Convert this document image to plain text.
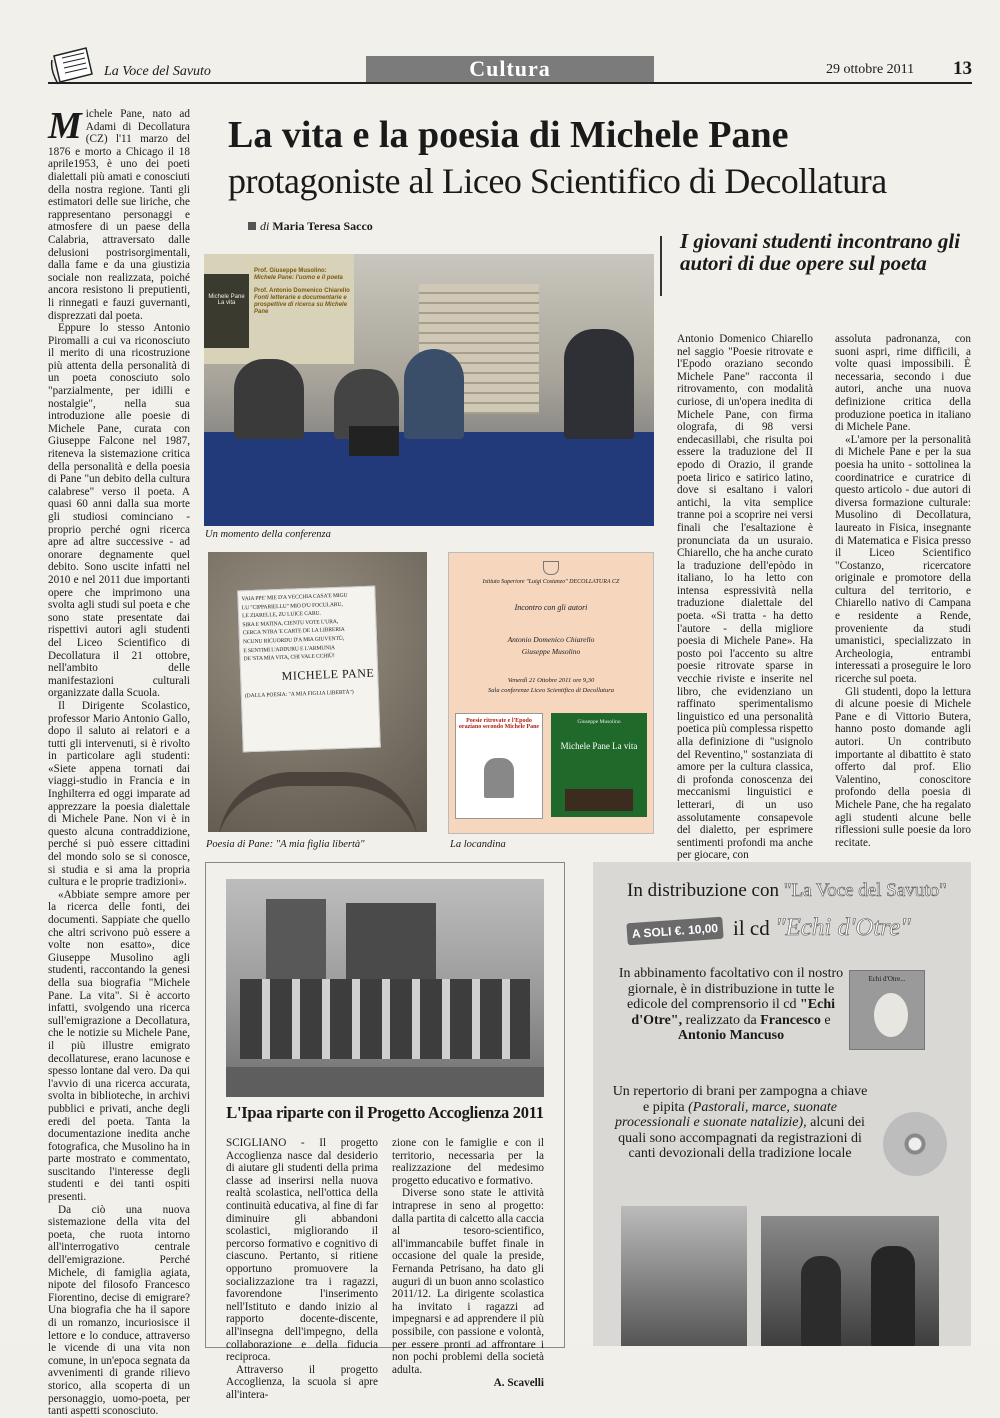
La Voce del Savuto	Cultura	29 ottobre 2011 13

Michele Pane, nato ad Adami di Decollatura (CZ) l'11 marzo del 1876 e morto a Chicago il 18 aprile1953, è uno dei poeti dialettali più amati e conosciuti della nostra regione. Tanti gli estimatori delle sue liriche, che rappresentano personaggi e atmosfere di un paese della Calabria, attraversato dalle delusioni postrisorgimentali, dalla fame e da una giustizia sociale non realizzata, poiché ancora resistono li preputienti, li rinnegati e fauzi guvernanti, disprezzati dal poeta.

Eppure lo stesso Antonio Piromalli a cui va riconosciuto il merito di una ricostruzione più attenta della personalità di un poeta conosciuto solo "parzialmente, per idilli e nostalgie", nella sua introduzione alle poesie di Michele Pane, curata con Giuseppe Falcone nel 1987, riteneva la sistemazione critica della personalità e della poesia di Pane "un debito della cultura calabrese" verso il poeta. A quasi 60 anni dalla sua morte gli studiosi cominciano - proprio perché ogni ricerca apre ad altre successive - ad onorare degnamente quel debito. Sono uscite infatti nel 2010 e nel 2011 due importanti opere che imprimono una svolta agli studi sul poeta e che sono state presentate dai rispettivi autori agli studenti del Liceo Scientifico di Decollatura il 21 ottobre, nell'ambito delle manifestazioni culturali organizzate dalla Scuola.

Il Dirigente Scolastico, professor Mario Antonio Gallo, dopo il saluto ai relatori e a tutti gli intervenuti, si è rivolto in particolare agli studenti: «Siete appena tornati dai viaggi-studio in Francia e in Inghilterra ed oggi imparate ad apprezzare la poesia dialettale di Michele Pane. Non vi è in questo alcuna contraddizione, perché si può essere cittadini del mondo solo se si conosce, si studia e si ama la propria cultura e le proprie tradizioni».

«Abbiate sempre amore per la ricerca delle fonti, dei documenti. Sappiate che quello che altri scrivono può essere a volte non esatto», dice Giuseppe Musolino agli studenti, raccontando la genesi della sua biografia "Michele Pane. La vita". Si è accorto infatti, svolgendo una ricerca sull'emigrazione a Decollatura, che le notizie su Michele Pane, il più illustre emigrato decollaturese, erano lacunose e spesso lontane dal vero. Da qui l'avvio di una ricerca accurata, svolta in biblioteche, in archivi pubblici e privati, anche degli eredi del poeta. Tanta la documentazione inedita anche fotografica, che Musolino ha in parte mostrato e commentato, suscitando l'interesse degli studenti e dei tanti ospiti presenti.

Da ciò una nuova sistemazione della vita del poeta, che ruota intorno all'interrogativo centrale dell'emigrazione. Perché Michele, di famiglia agiata, nipote del filosofo Francesco Fiorentino, decise di emigrare? Una biografia che ha il sapore di un romanzo, incuriosisce il lettore e lo conduce, attraverso le vicende di una vita non comune, in un'epoca segnata da avvenimenti di grande rilievo storico, alla scoperta di un personaggio, uomo-poeta, per tanti aspetti sconosciuto.

La vita e la poesia di Michele Pane
protagoniste al Liceo Scientifico di Decollatura
di Maria Teresa Sacco
I giovani studenti incontrano gli autori di due opere sul poeta
Michele Pane La vita
Prof. Giuseppe Musolino:
Michele Pane: l'uomo e il poeta
Prof. Antonio Domenico Chiarello
Fonti letterarie e documentarie e prospettive di ricerca su Michele Pane
Un momento della conferenza
VAIA PPE' MIE D'A VECCHIA CASA'E MIGU
LU "CIPPARIELLU" MIO D'U FOCULARU,
LE ZIARELLE, ZU LUICE CARU.
SIRA E MATINA, CIENTU VOTE L'URA,
CERCA 'NTRA 'E CARTE DE LA LIBRERIA
NCUNU RICUORDU D'A MIA GIUVENTÙ,
E SENTIMI L'ADDURU E L'ARMUNIA
DE 'STA MIA VITA, CHI VALE CCHIÙ!
MICHELE PANE
(DALLA POESIA: "A MIA FIGLIA LIBERTÀ")
Poesia di Pane: "A mia figlia libertà"
Istituto Superiore "Luigi Costanzo" DECOLLATURA CZ
Incontro con gli autori
Antonio Domenico Chiarello
Giuseppe Musolino
Venerdì 21 Ottobre 2011 ore 9,30
Sala conferenze Liceo Scientifico di Decollatura
Poesie ritrovate e l'Epodo oraziano secondo Michele Pane
Giuseppe Musolino
Michele Pane La vita
La locandina

Antonio Domenico Chiarello nel saggio "Poesie ritrovate e l'Epodo oraziano secondo Michele Pane" racconta il ritrovamento, con modalità curiose, di un'opera inedita di Michele Pane, con firma olografa, di 98 versi endecasillabi, che risulta poi essere la traduzione del II epodo di Orazio, il grande poeta lirico e satirico latino, dove si esaltano i valori antichi, la vita semplice tranne poi a scoprire nei versi finali che l'esaltazione è pronunciata da un usuraio. Chiarello, che ha anche curato la traduzione dell'epòdo in italiano, lo ha letto con intensa espressività nella traduzione dialettale del poeta. «Si tratta - ha detto l'autore - della migliore poesia di Michele Pane». Ha posto poi l'accento su altre poesie ritrovate sparse in vecchie riviste e inserite nel libro, che evidenziano un raffinato sperimentalismo linguistico ed una personalità poetica più complessa rispetto alla definizione di "usignolo del Reventino," sostanziata di amore per la cultura classica, di profonda conoscenza dei meccanismi linguistici e letterari, di un uso assolutamente consapevole del dialetto, per esprimere sentimenti profondi ma anche per giocare, con

assoluta padronanza, con suoni aspri, rime difficili, a volte quasi impossibili. È necessaria, secondo i due autori, anche una nuova definizione critica della produzione poetica in italiano di Michele Pane.

«L'amore per la personalità di Michele Pane e per la sua poesia ha unito - sottolinea la coordinatrice e curatrice di questo articolo - due autori di diversa formazione culturale: Musolino di Decollatura, laureato in Fisica, insegnante di Matematica e Fisica presso il Liceo Scientifico "Costanzo, ricercatore originale e promotore della cultura del territorio, e Chiarello nativo di Campana e residente a Rende, proveniente da studi umanistici, specializzato in Archeologia, entrambi interessati a proseguire le loro ricerche sul poeta.

Gli studenti, dopo la lettura di alcune poesie di Michele Pane e di Vittorio Butera, hanno posto domande agli autori. Un contributo importante al dibattito è stato offerto dal prof. Elio Valentino, conoscitore profondo della poesia di Michele Pane, che ha regalato agli studenti alcune belle riflessioni sulle poesie da loro recitate.

L'Ipaa riparte con il Progetto Accoglienza 2011

SCIGLIANO - Il progetto Accoglienza nasce dal desiderio di aiutare gli studenti della prima classe ad inserirsi nella nuova realtà scolastica, nell'ottica della continuità educativa, al fine di far diminuire gli abbandoni scolastici, migliorando il percorso formativo e cognitivo di ciascuno. Pertanto, si ritiene opportuno promuovere la socializzazione tra i ragazzi, favorendone l'inserimento nell'Istituto e dando inizio al rapporto docente-discente, all'insegna dell'impegno, della collaborazione e della fiducia reciproca.

Attraverso il progetto Accoglienza, la scuola si apre all'intera-

zione con le famiglie e con il territorio, necessaria per la realizzazione del medesimo progetto educativo e formativo.

Diverse sono state le attività intraprese in seno al progetto: dalla partita di calcetto alla caccia al tesoro-scientifico, all'immancabile buffet finale in occasione del quale la preside, Fernanda Petrisano, ha dato gli auguri di un buon anno scolastico 2011/12. La dirigente scolastica ha invitato i ragazzi ad impegnarsi e ad apprendere il più possibile, con passione e volontà, per essere pronti ad affrontare i non pochi problemi della società adulta.

A. Scavelli
In distribuzione con "La Voce del Savuto"
A SOLI €. 10,00 il cd "Echi d'Otre"
In abbinamento facoltativo con il nostro giornale, è in distribuzione in tutte le edicole del comprensorio il cd "Echi d'Otre", realizzato da Francesco e Antonio Mancuso
Echi d'Otre...
Un repertorio di brani per zampogna a chiave e pipita (Pastorali, marce, suonate processionali e suonate natalizie), alcuni dei quali sono accompagnati da registrazioni di canti devozionali della tradizione locale
